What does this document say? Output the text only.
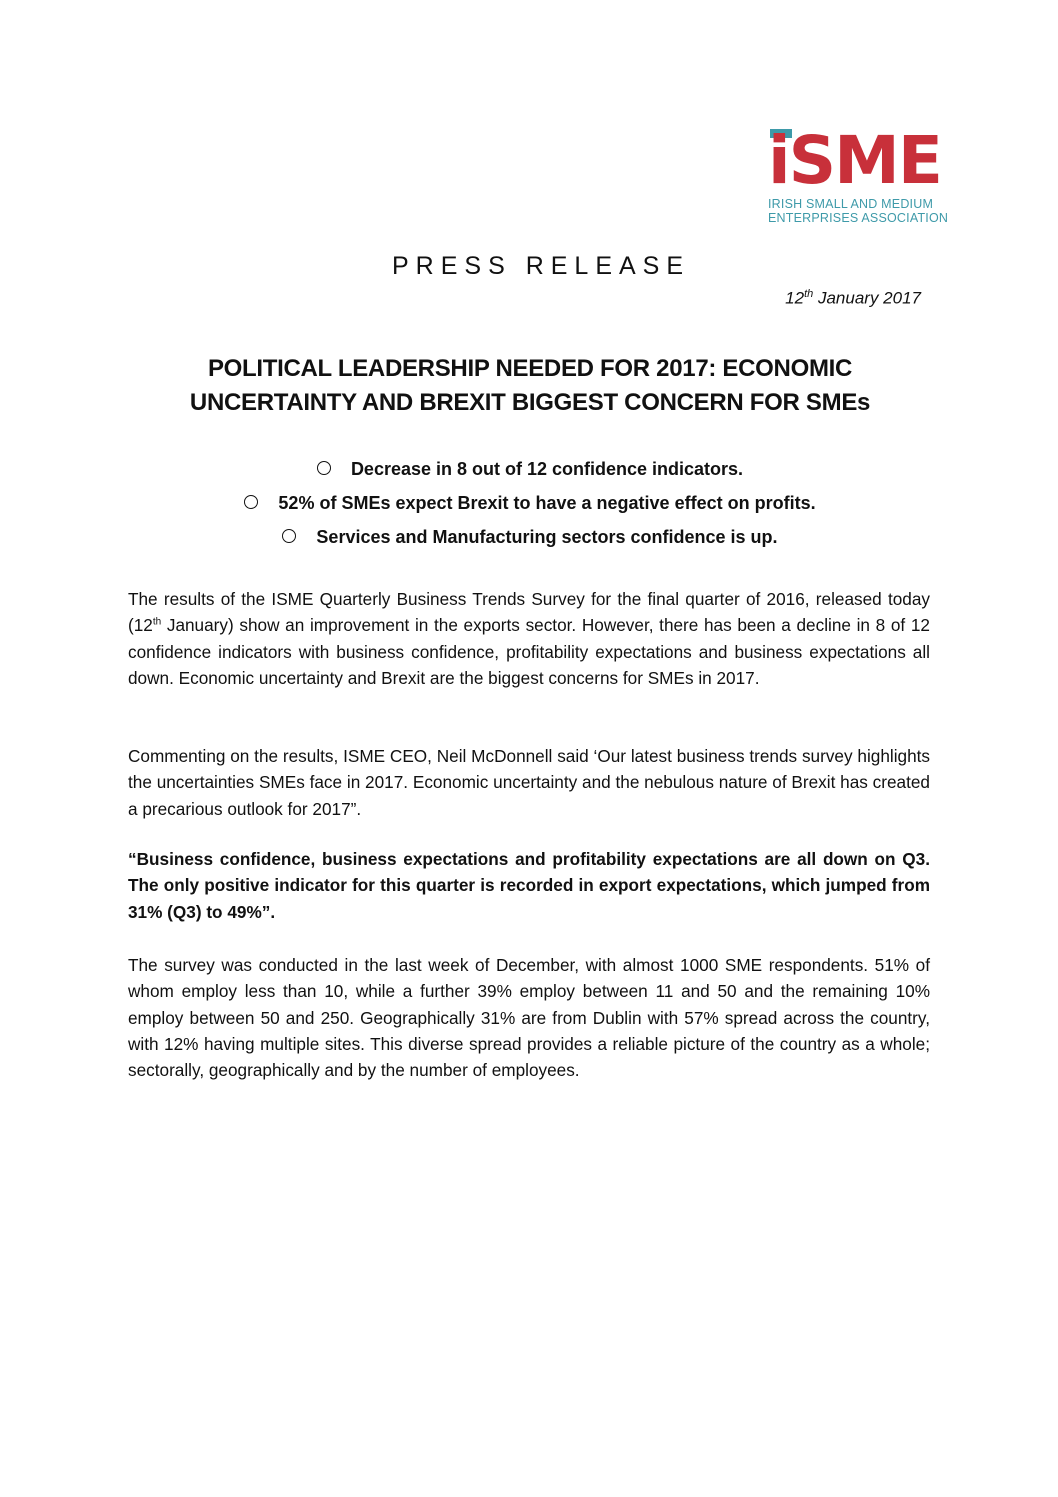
iSME
IRISH SMALL AND MEDIUM
ENTERPRISES ASSOCIATION
PRESS RELEASE
12th January 2017
POLITICAL LEADERSHIP NEEDED FOR 2017: ECONOMIC
UNCERTAINTY AND BREXIT BIGGEST CONCERN FOR SMEs
Decrease in 8 out of 12 confidence indicators.
52% of SMEs expect Brexit to have a negative effect on profits.
Services and Manufacturing sectors confidence is up.

The results of the ISME Quarterly Business Trends Survey for the final quarter of 2016, released today (12th January) show an improvement in the exports sector. However, there has been a decline in 8 of 12 confidence indicators with business confidence, profitability expectations and business expectations all down. Economic uncertainty and Brexit are the biggest concerns for SMEs in 2017.

Commenting on the results, ISME CEO, Neil McDonnell said ‘Our latest business trends survey highlights the uncertainties SMEs face in 2017. Economic uncertainty and the nebulous nature of Brexit has created a precarious outlook for 2017”.

“Business confidence, business expectations and profitability expectations are all down on Q3. The only positive indicator for this quarter is recorded in export expectations, which jumped from 31% (Q3) to 49%”.

The survey was conducted in the last week of December, with almost 1000 SME respondents. 51% of whom employ less than 10, while a further 39% employ between 11 and 50 and the remaining 10% employ between 50 and 250. Geographically 31% are from Dublin with 57% spread across the country, with 12% having multiple sites. This diverse spread provides a reliable picture of the country as a whole; sectorally, geographically and by the number of employees.
